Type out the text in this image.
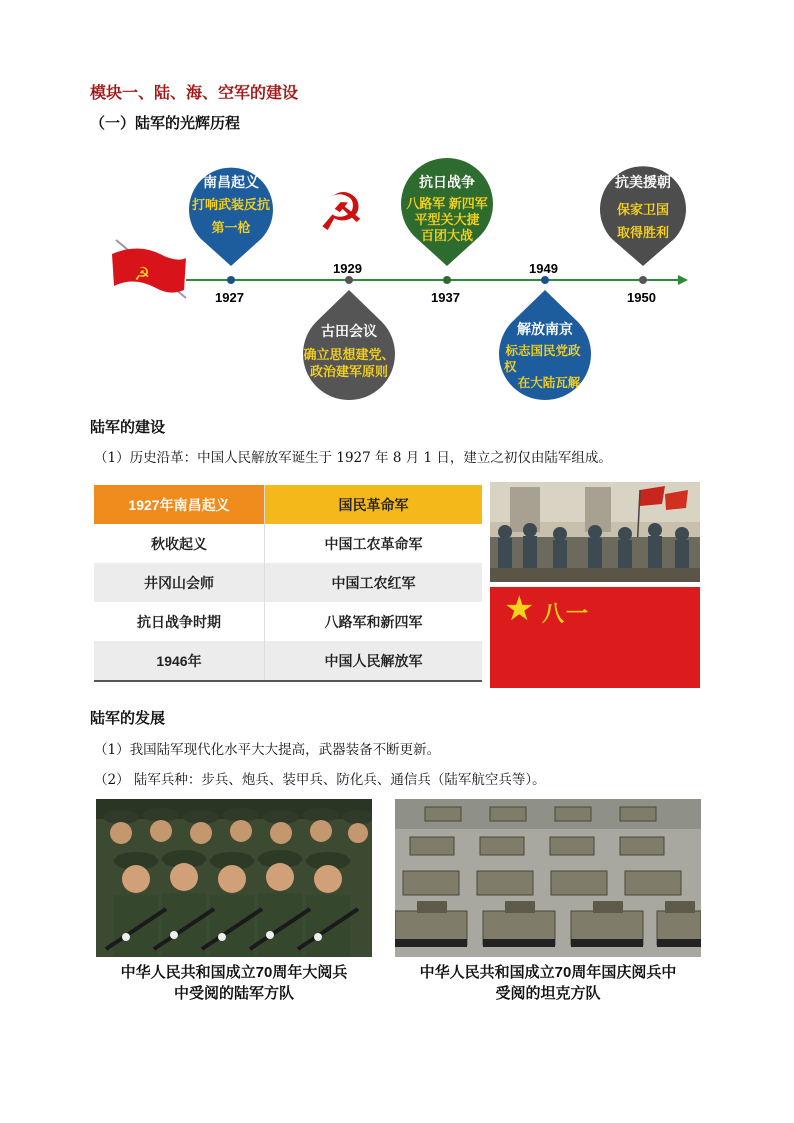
模块一、陆、海、空军的建设
（一）陆军的光辉历程
☭
☭
1927
1929
1937
1949
1950
南昌起义
打响武装反抗
第一枪
古田会议
确立思想建党、
政治建军原则
抗日战争
八路军 新四军
平型关大捷
百团大战
解放南京
标志国民党政
权
在大陆瓦解
抗美援朝
保家卫国
取得胜利
陆军的建设
（1）历史沿革：中国人民解放军诞生于 1927 年 8 月 1 日，建立之初仅由陆军组成。
1927年南昌起义	国民革命军
秋收起义	中国工农革命军
井冈山会师	中国工农红军
抗日战争时期	八路军和新四军
1946年	中国人民解放军
★ 八一
陆军的发展
（1）我国陆军现代化水平大大提高，武器装备不断更新。
（2） 陆军兵种：步兵、炮兵、装甲兵、防化兵、通信兵（陆军航空兵等）。
中华人民共和国成立70周年大阅兵
中受阅的陆军方队
中华人民共和国成立70周年国庆阅兵中
受阅的坦克方队
